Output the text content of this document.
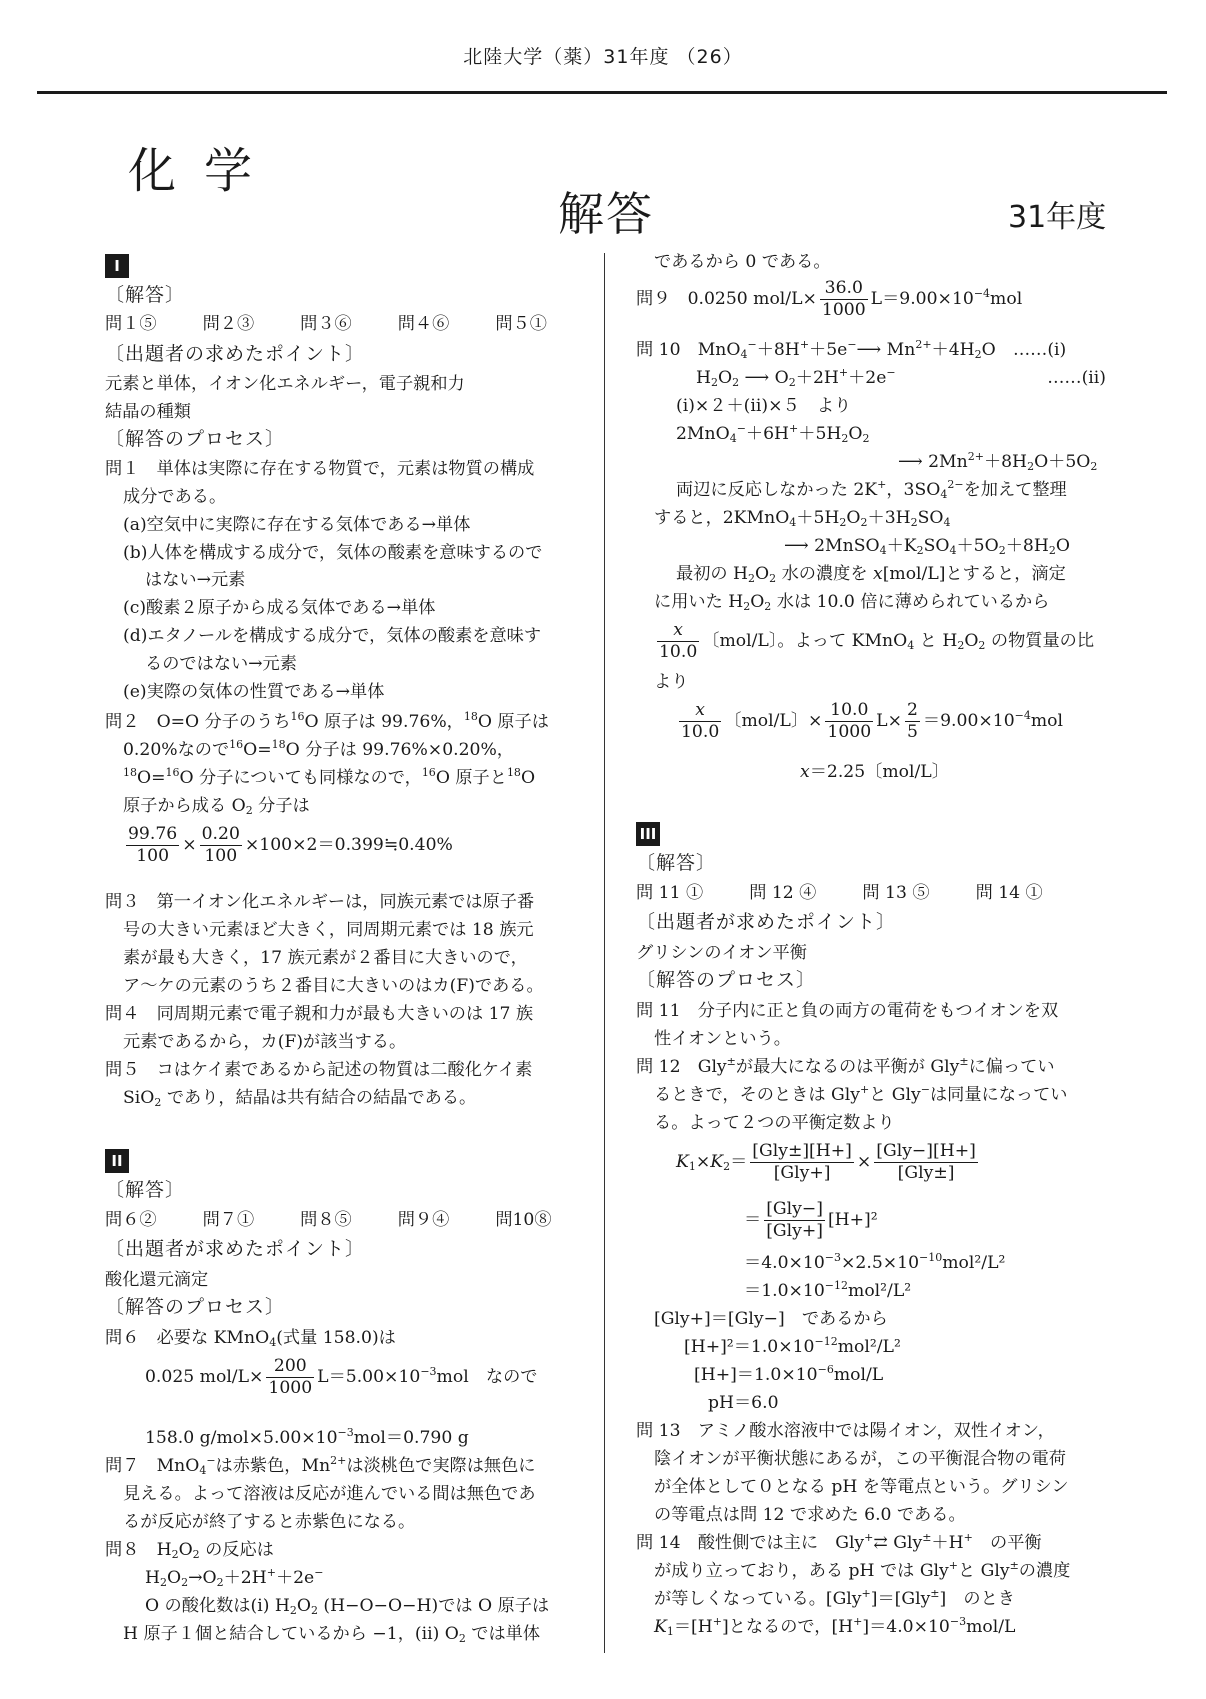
北陸大学（薬）31年度 （26）
化学
解答	31年度
I
〔解答〕
問１⑤	問２③	問３⑥	問４⑥	問５①
〔出題者の求めたポイント〕
元素と単体，イオン化エネルギー，電子親和力
結晶の種類
〔解答のプロセス〕
問１　単体は実際に存在する物質で，元素は物質の構成
成分である。
(a)空気中に実際に存在する気体である→単体
(b)人体を構成する成分で，気体の酸素を意味するので
はない→元素
(c)酸素２原子から成る気体である→単体
(d)エタノールを構成する成分で，気体の酸素を意味す
るのではない→元素
(e)実際の気体の性質である→単体
問２　O=O 分子のうち$^{16}$O 原子は 99.76%，$^{18}$O 原子は
0.20%なので$^{16}$O=$^{18}$O 分子は 99.76%×0.20%，
$^{18}$O=$^{16}$O 分子についても同様なので，$^{16}$O 原子と$^{18}$O
原子から成る $O_2$ 分子は
$\frac{99.76}{100} \times \frac{0.20}{100}$ ×100×2＝0.399≒0.40%
問３　第一イオン化エネルギーは，同族元素では原子番
号の大きい元素ほど大きく，同周期元素では 18 族元
素が最も大きく，17 族元素が２番目に大きいので，
ア～ケの元素のうち２番目に大きいのはカ(F)である。
問４　同周期元素で電子親和力が最も大きいのは 17 族
元素であるから，カ(F)が該当する。
問５　コはケイ素であるから記述の物質は二酸化ケイ素
SiO$_2$ であり，結晶は共有結合の結晶である。
II
〔解答〕
問６②	問７①	問８⑤	問９④	問10⑧
〔出題者が求めたポイント〕
酸化還元滴定
〔解答のプロセス〕
問６　必要な KMnO$_4$(式量 158.0)は
0.025 $mol/L\times \frac{200}{1000} L=5.00\times 10^{-3}mol$　なので
158.0 $g/mol\times 5.00\times 10^{-3}mol=0.790$ g
問７　MnO$_4$−は赤紫色，$Mn^{2+}$は淡桃色で実際は無色に
見える。よって溶液は反応が進んでいる間は無色であ
るが反応が終了すると赤紫色になる。
問８　$H_2O_2$ の反応は
$H_2O_2\to O_2+2H^++2e^-$
O の酸化数は(i) $H_2O_2$ (H−O−O−H)では O 原子は
H 原子１個と結合しているから −1，(ii) $O_2$ では単体
であるから 0 である。
問９　0.0250 $mol/L\times \frac{36.0}{1000} L=9.00\times 10^{-4}mol$
問 10　MnO$_4$−＋8H+＋5e−⟶ $Mn^{2+}+4H_2O$　……(i)
$H_2O_2$ ⟶ $O_2+2H^++2e^-$	……(ii)
(i)×２＋(ii)×５　より
$2MnO_4^-+6H^++5H_2O_2$
⟶ $2Mn^{2+}+8H_2O+5O_2$
両辺に反応しなかった 2K+，$3SO_4^{2-}$を加えて整理
すると，$2KMnO_4+5H_2O_2+3H_2SO_4$
⟶ $2MnSO_4+K_2SO_4+5O_2+8H_2O$
最初の $H_2O_2$ 水の濃度を x[mol/L]とすると，滴定
に用いた $H_2O_2$ 水は 10.0 倍に薄められているから
$\frac{x}{10.0}$ 〔mol/L〕。よって KMnO$_4$ と $H_2O_2$ の物質量の比
より
$\frac{x}{10.0}$ 〔mol/L〕× $\frac{10.0}{1000} L\times \frac{2}{5} =9.00\times 10^{-4}mol$
x＝2.25〔mol/L〕
III
〔解答〕
問 11 ①	問 12 ④	問 13 ⑤	問 14 ①
〔出題者が求めたポイント〕
グリシンのイオン平衡
〔解答のプロセス〕
問 11　分子内に正と負の両方の電荷をもつイオンを双
性イオンという。
問 12　Gly±が最大になるのは平衡が Gly±に偏ってい
るときで，そのときは Gly+と Gly−は同量になってい
る。よって２つの平衡定数より
$K_1\times K_2= \frac{\text{[Gly±][H+]}}{\text{[Gly+]}} \times \frac{\text{[Gly−][H+]}}{\text{[Gly±]}}$
＝ $\frac{\text{[Gly−]}}{\text{[Gly+]}} [H+]^2$
$=4.0\times 10^{-3}\times 2.5\times 10^{-10}mol^2/L^2$
$=1.0\times 10^{-12}mol^2/L^2$
[Gly+]＝[Gly−]　であるから
$[H+]^2=1.0\times 10^{-12}mol^2/L^2$
$[H+]=1.0\times 10^{-6}mol/L$
pH＝6.0
問 13　アミノ酸水溶液中では陽イオン，双性イオン，
陰イオンが平衡状態にあるが，この平衡混合物の電荷
が全体として０となる pH を等電点という。グリシン
の等電点は問 12 で求めた 6.0 である。
問 14　酸性側では主に　Gly+⇄ Gly±＋H+　の平衡
が成り立っており，ある pH では Gly+と Gly±の濃度
が等しくなっている。[Gly+]＝[Gly±]　のとき
$K_1=[H^+]$となるので，$[H^+]=4.0\times 10^{-3}mol/L$
